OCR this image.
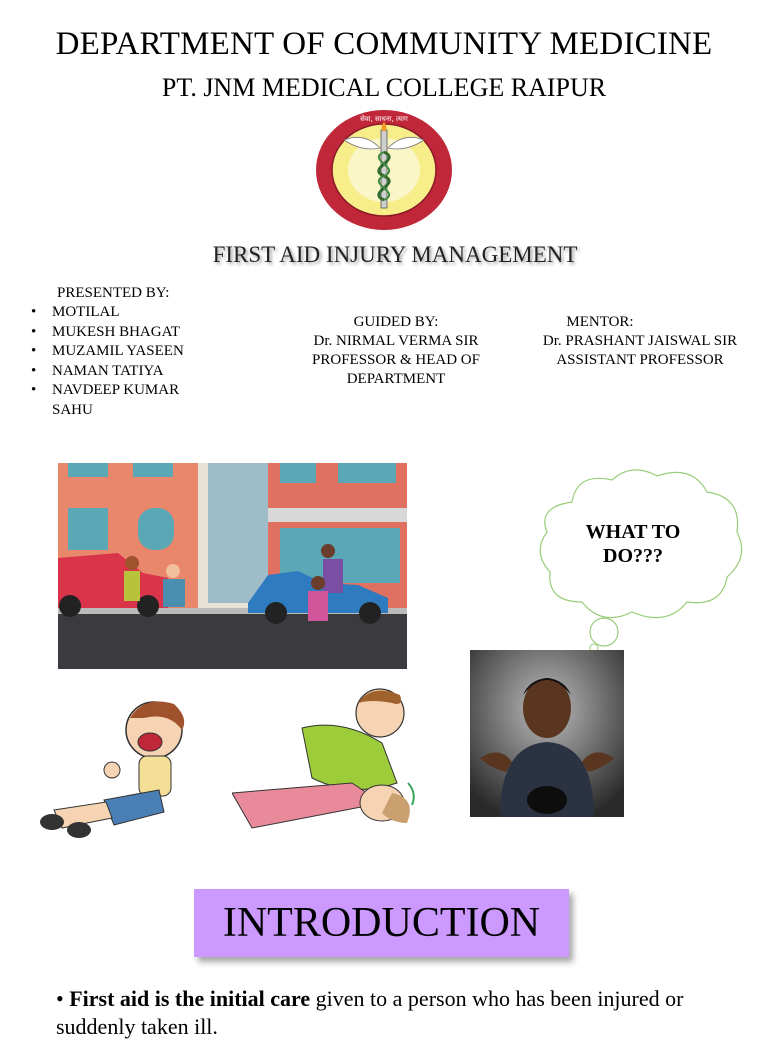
DEPARTMENT OF COMMUNITY MEDICINE
PT. JNM MEDICAL COLLEGE RAIPUR
सेवा, साधना, त्याग
FIRST AID INJURY MANAGEMENT
PRESENTED BY:
• MOTILAL
• MUKESH BHAGAT
• MUZAMIL YASEEN
• NAMAN TATIYA
• NAVDEEP KUMAR SAHU
GUIDED BY:
Dr. NIRMAL VERMA SIR
PROFESSOR & HEAD OF DEPARTMENT
MENTOR:
Dr. PRASHANT JAISWAL SIR
ASSISTANT PROFESSOR
WHAT TO DO???
INTRODUCTION
• First aid is the initial care given to a person who has been injured or suddenly taken ill.
